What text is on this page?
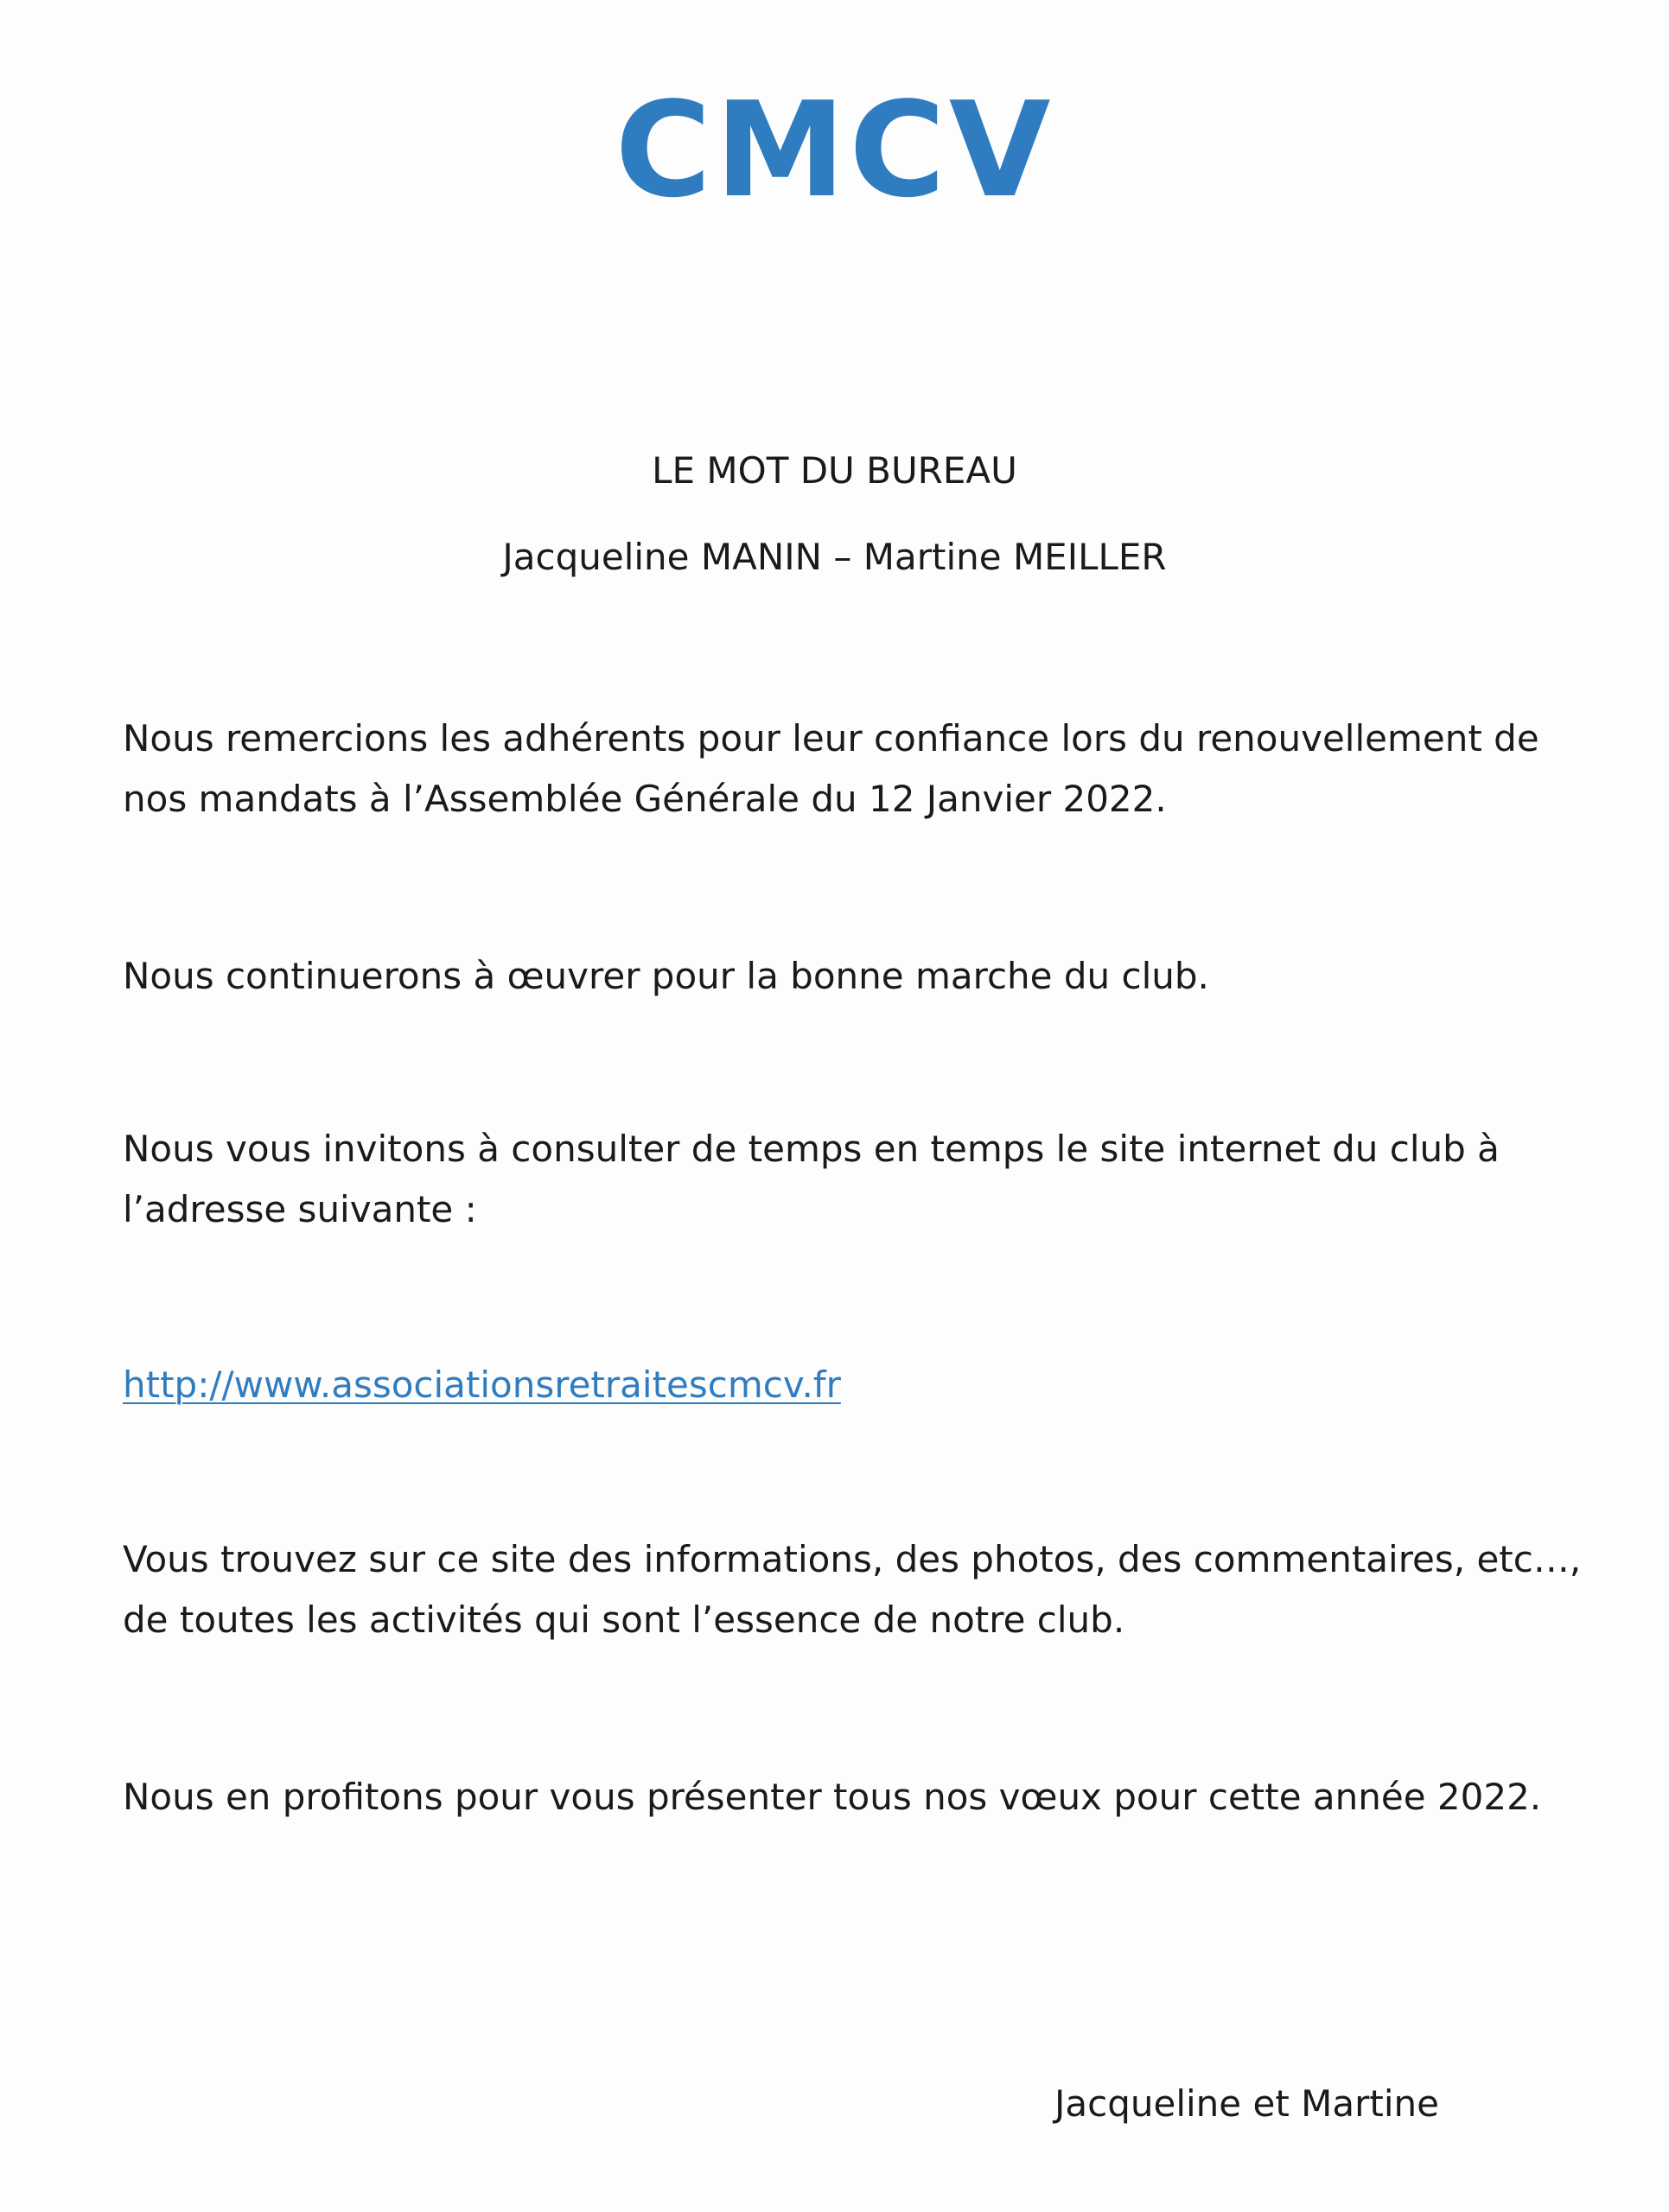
CMCV
LE MOT DU BUREAU
Jacqueline MANIN – Martine MEILLER

Nous remercions les adhérents pour leur confiance lors du renouvellement de nos mandats à l’Assemblée Générale du 12 Janvier 2022.

Nous continuerons à œuvrer pour la bonne marche du club.

Nous vous invitons à consulter de temps en temps le site internet du club à l’adresse suivante :

http://www.associationsretraitescmcv.fr

Vous trouvez sur ce site des informations, des photos, des commentaires, etc…, de toutes les activités qui sont l’essence de notre club.

Nous en profitons pour vous présenter tous nos vœux pour cette année 2022.

Jacqueline et Martine
